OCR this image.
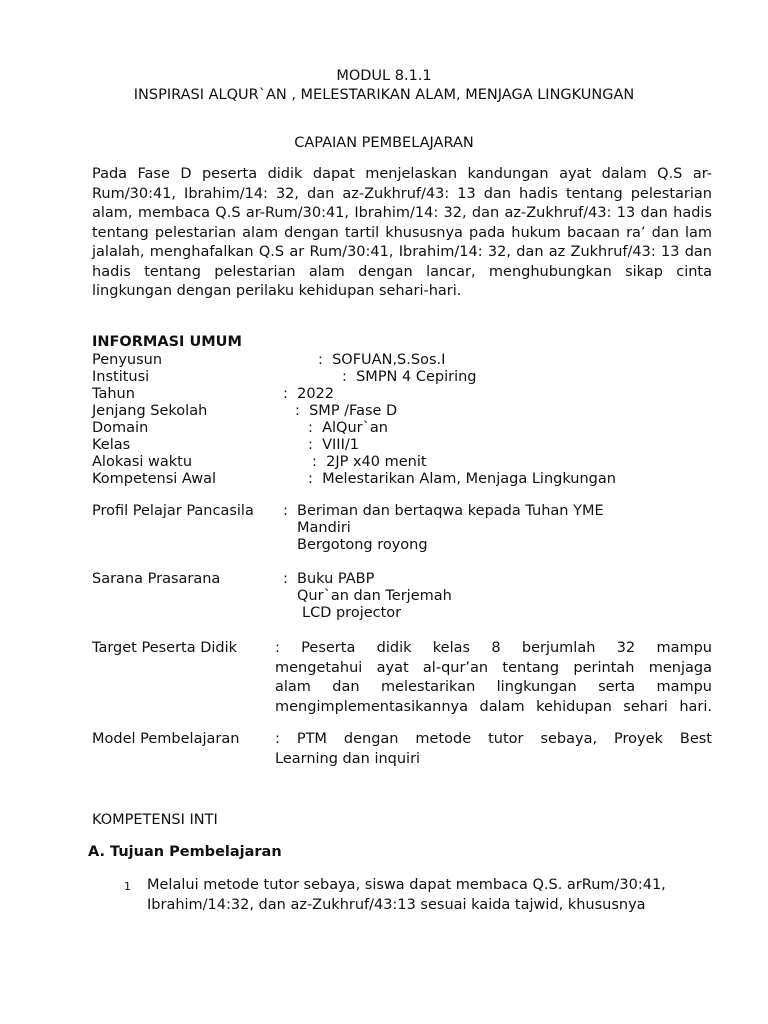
MODUL 8.1.1
INSPIRASI ALQUR`AN , MELESTARIKAN ALAM, MENJAGA LINGKUNGAN
CAPAIAN PEMBELAJARAN
Pada Fase D peserta didik dapat menjelaskan kandungan ayat dalam Q.S ar-Rum/30:41, Ibrahim/14: 32, dan az-Zukhruf/43: 13 dan hadis tentang pelestarian alam, membaca Q.S ar-Rum/30:41, Ibrahim/14: 32, dan az-Zukhruf/43: 13 dan hadis tentang pelestarian alam dengan tartil khususnya pada hukum bacaan ra’ dan lam jalalah, menghafalkan Q.S ar Rum/30:41, Ibrahim/14: 32, dan az Zukhruf/43: 13 dan hadis tentang pelestarian alam dengan lancar, menghubungkan sikap cinta lingkungan dengan perilaku kehidupan sehari-hari.
INFORMASI UMUM
Penyusun	:  SOFUAN,S.Sos.I
Institusi	:  SMPN 4 Cepiring
Tahun	:  2022
Jenjang Sekolah	:  SMP /Fase D
Domain	:  AlQur`an
Kelas	:  VIII/1
Alokasi waktu	:  2JP x40 menit
Kompetensi Awal	:  Melestarikan Alam, Menjaga Lingkungan
Profil Pelajar Pancasila : Beriman dan bertaqwa kepada Tuhan YME
Mandiri
Bergotong royong
Sarana Prasarana	: Buku PABP
Qur`an dan Terjemah
LCD projector
Target Peserta Didik	: Peserta didik kelas 8 berjumlah 32 mampu
mengetahui ayat al-qur’an tentang perintah menjaga
alam dan melestarikan lingkungan serta mampu
mengimplementasikannya dalam kehidupan sehari hari.
Model Pembelajaran : PTM dengan metode tutor sebaya, Proyek Best
Learning dan inquiri
KOMPETENSI INTI
A. Tujuan Pembelajaran
1 Melalui metode tutor sebaya, siswa dapat membaca Q.S. arRum/30:41,
Ibrahim/14:32, dan az-Zukhruf/43:13 sesuai kaida tajwid, khususnya
